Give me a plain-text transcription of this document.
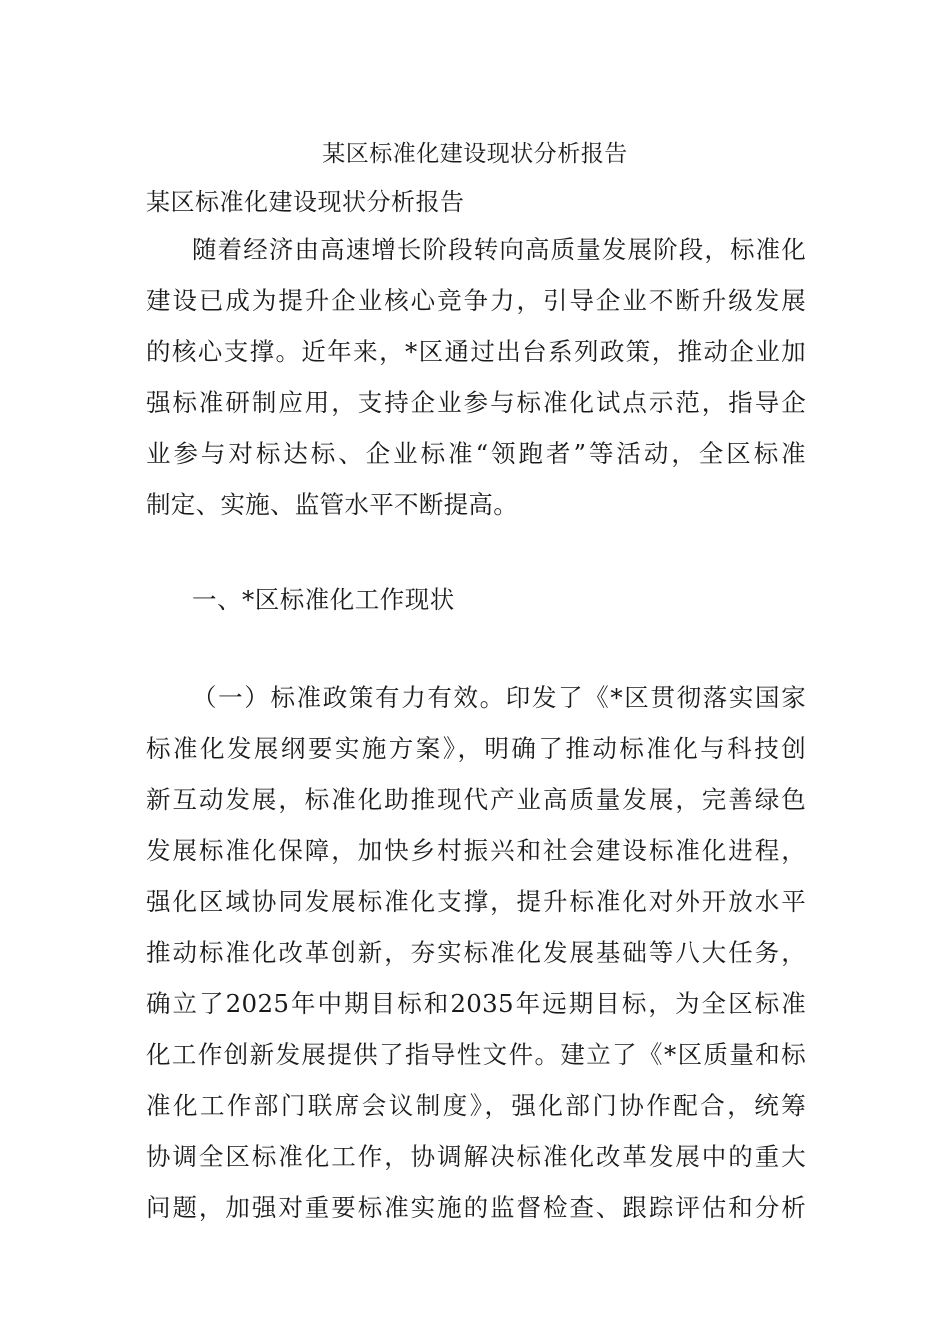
某区标准化建设现状分析报告
某区标准化建设现状分析报告
随着经济由高速增长阶段转向高质量发展阶段，标准化
建设已成为提升企业核心竞争力，引导企业不断升级发展
的核心支撑。近年来，*区通过出台系列政策，推动企业加
强标准研制应用，支持企业参与标准化试点示范，指导企
业参与对标达标、企业标准“领跑者”等活动，全区标准
制定、实施、监管水平不断提高。
一、*区标准化工作现状
（一）标准政策有力有效。印发了《*区贯彻落实国家
标准化发展纲要实施方案》，明确了推动标准化与科技创
新互动发展，标准化助推现代产业高质量发展，完善绿色
发展标准化保障，加快乡村振兴和社会建设标准化进程，
强化区域协同发展标准化支撑，提升标准化对外开放水平
推动标准化改革创新，夯实标准化发展基础等八大任务，
确立了2025年中期目标和2035年远期目标，为全区标准
化工作创新发展提供了指导性文件。建立了《*区质量和标
准化工作部门联席会议制度》，强化部门协作配合，统筹
协调全区标准化工作，协调解决标准化改革发展中的重大
问题，加强对重要标准实施的监督检查、跟踪评估和分析
